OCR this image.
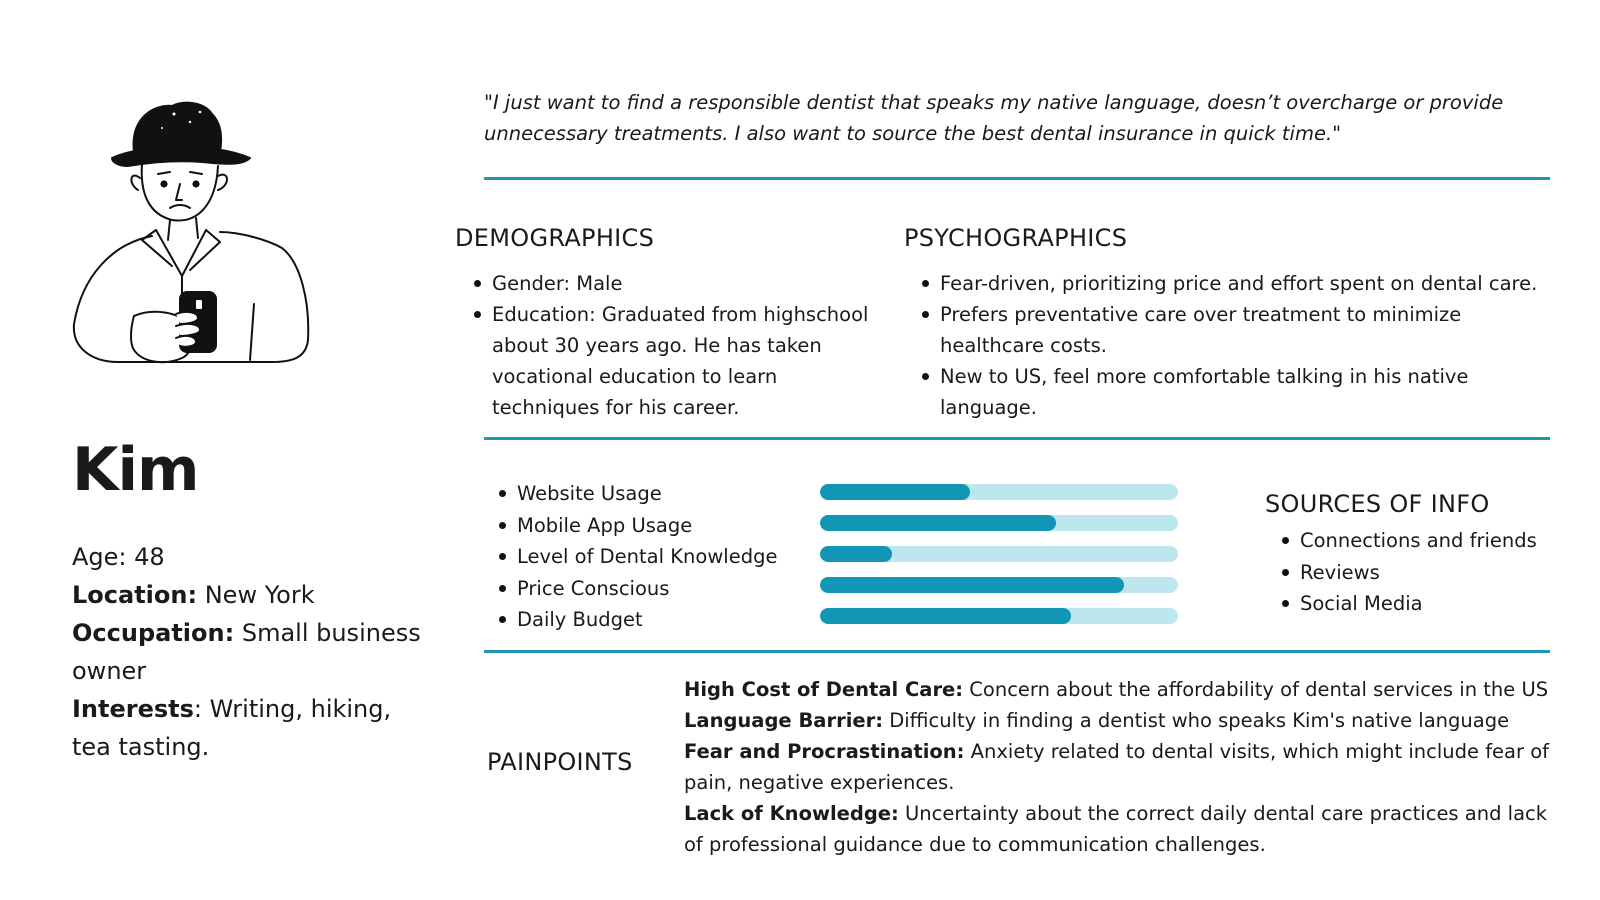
Kim

Age: 48

Location: New York

Occupation: Small business owner

Interests: Writing, hiking, tea tasting.

"I just want to find a responsible dentist that speaks my native language, doesn’t overcharge or provide unnecessary treatments. I also want to source the best dental insurance in quick time."

DEMOGRAPHICS
Gender: Male
Education: Graduated from highschool about 30 years ago. He has taken vocational education to learn techniques for his career.
PSYCHOGRAPHICS
Fear-driven, prioritizing price and effort spent on dental care.
Prefers preventative care over treatment to minimize healthcare costs.
New to US, feel more comfortable talking in his native language.
Website Usage
Mobile App Usage
Level of Dental Knowledge
Price Conscious
Daily Budget
SOURCES OF INFO
Connections and friends
Reviews
Social Media
PAINPOINTS
High Cost of Dental Care: Concern about the affordability of dental services in the US
Language Barrier: Difficulty in finding a dentist who speaks Kim's native language
Fear and Procrastination: Anxiety related to dental visits, which might include fear of pain, negative experiences.
Lack of Knowledge: Uncertainty about the correct daily dental care practices and lack of professional guidance due to communication challenges.
